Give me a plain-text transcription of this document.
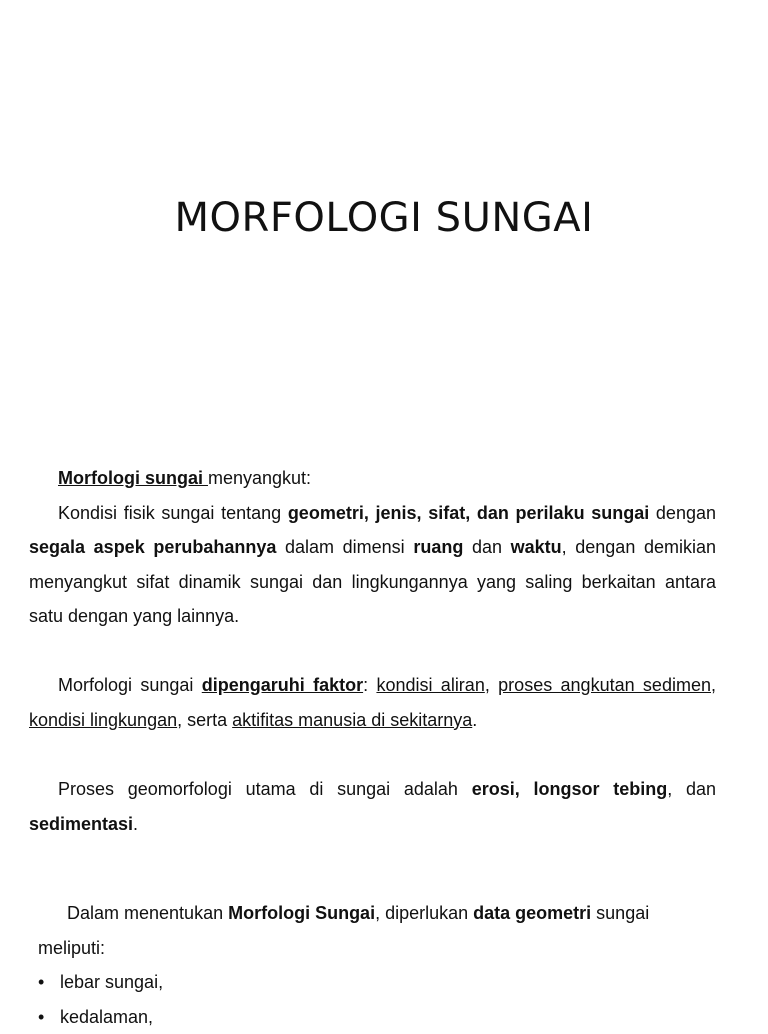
MORFOLOGI SUNGAI
Morfologi sungai menyangkut:
Kondisi fisik sungai tentang geometri, jenis, sifat, dan perilaku sungai dengan segala aspek perubahannya dalam dimensi ruang dan waktu, dengan demikian menyangkut sifat dinamik sungai dan lingkungannya yang saling berkaitan antara satu dengan yang lainnya.
Morfologi sungai dipengaruhi faktor: kondisi aliran, proses angkutan sedimen, kondisi lingkungan, serta aktifitas manusia di sekitarnya.
Proses geomorfologi utama di sungai adalah erosi, longsor tebing, dan sedimentasi.
Dalam menentukan Morfologi Sungai, diperlukan data geometri sungai meliputi:
• lebar sungai,
• kedalaman,
